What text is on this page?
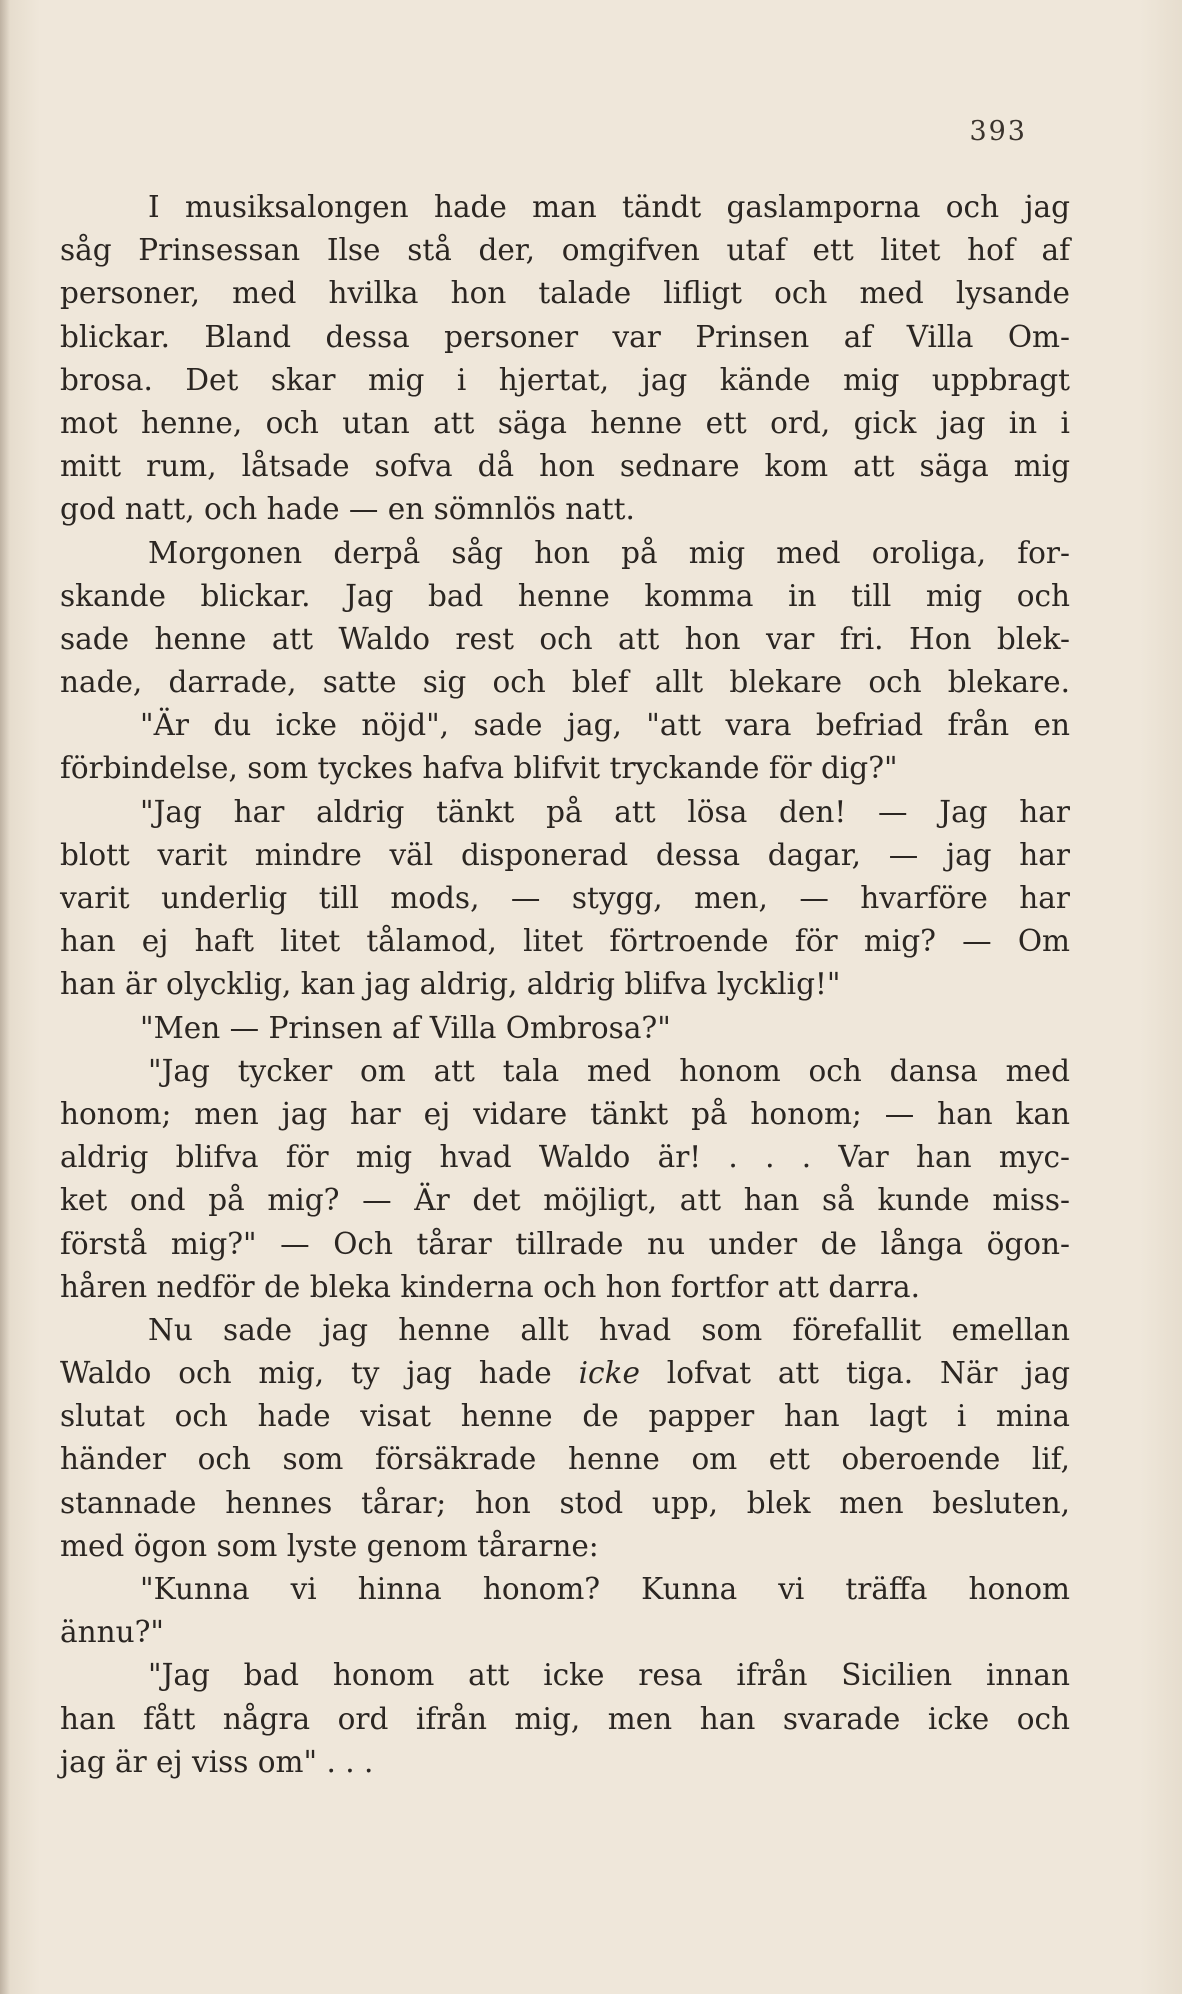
393
I musiksalongen hade man tändt gaslamporna och jag
såg Prinsessan Ilse stå der, omgifven utaf ett litet hof af
personer, med hvilka hon talade lifligt och med lysande
blickar. Bland dessa personer var Prinsen af Villa Om-
brosa. Det skar mig i hjertat, jag kände mig uppbragt
mot henne, och utan att säga henne ett ord, gick jag in i
mitt rum, låtsade sofva då hon sednare kom att säga mig
god natt, och hade — en sömnlös natt.
Morgonen derpå såg hon på mig med oroliga, for-
skande blickar. Jag bad henne komma in till mig och
sade henne att Waldo rest och att hon var fri. Hon blek-
nade, darrade, satte sig och blef allt blekare och blekare.
"Är du icke nöjd", sade jag, "att vara befriad från en
förbindelse, som tyckes hafva blifvit tryckande för dig?"
"Jag har aldrig tänkt på att lösa den! — Jag har
blott varit mindre väl disponerad dessa dagar, — jag har
varit underlig till mods, — stygg, men, — hvarföre har
han ej haft litet tålamod, litet förtroende för mig? — Om
han är olycklig, kan jag aldrig, aldrig blifva lycklig!"
"Men — Prinsen af Villa Ombrosa?"
"Jag tycker om att tala med honom och dansa med
honom; men jag har ej vidare tänkt på honom; — han kan
aldrig blifva för mig hvad Waldo är! . . . Var han myc-
ket ond på mig? — Är det möjligt, att han så kunde miss-
förstå mig?" — Och tårar tillrade nu under de långa ögon-
håren nedför de bleka kinderna och hon fortfor att darra.
Nu sade jag henne allt hvad som förefallit emellan
Waldo och mig, ty jag hade icke lofvat att tiga. När jag
slutat och hade visat henne de papper han lagt i mina
händer och som försäkrade henne om ett oberoende lif,
stannade hennes tårar; hon stod upp, blek men besluten,
med ögon som lyste genom tårarne:
"Kunna vi hinna honom? Kunna vi träffa honom
ännu?"
"Jag bad honom att icke resa ifrån Sicilien innan
han fått några ord ifrån mig, men han svarade icke och
jag är ej viss om" . . .
